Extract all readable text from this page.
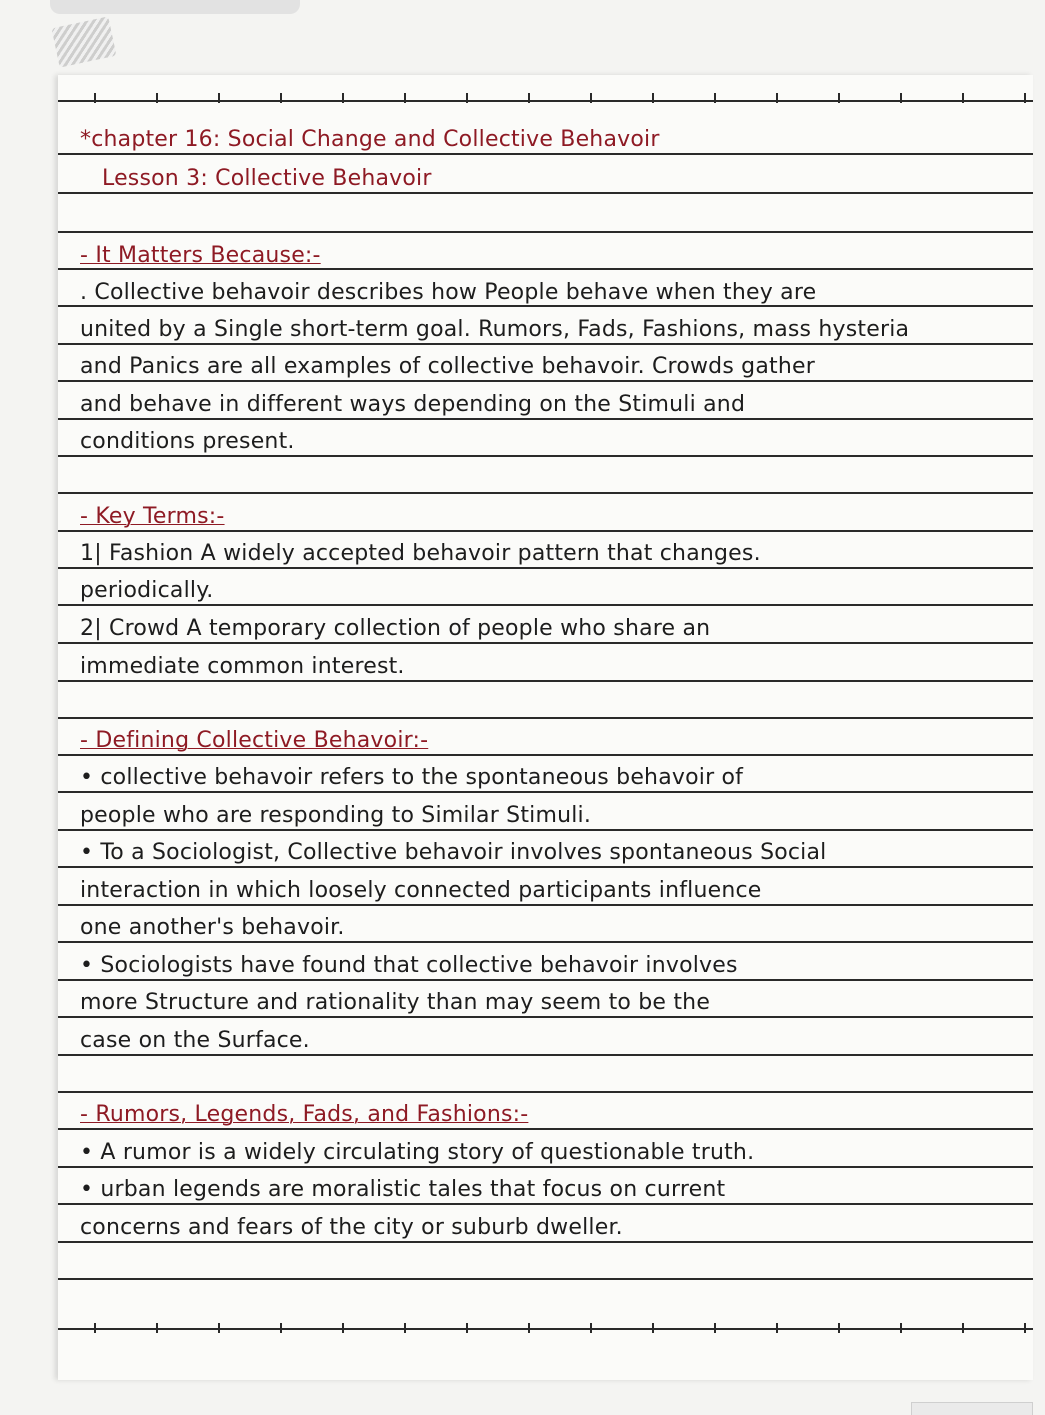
*chapter 16: Social Change and Collective Behavoir
Lesson 3: Collective Behavoir
- It Matters Because:-
. Collective behavoir describes how People behave when they are
united by a Single short-term goal. Rumors, Fads, Fashions, mass hysteria
and Panics are all examples of collective behavoir. Crowds gather
and behave in different ways depending on the Stimuli and
conditions present.
- Key Terms:-
1| Fashion A widely accepted behavoir pattern that changes.
periodically.
2| Crowd A temporary collection of people who share an
immediate common interest.
- Defining Collective Behavoir:-
• collective behavoir refers to the spontaneous behavoir of
people who are responding to Similar Stimuli.
• To a Sociologist, Collective behavoir involves spontaneous Social
interaction in which loosely connected participants influence
one another's behavoir.
• Sociologists have found that collective behavoir involves
more Structure and rationality than may seem to be the
case on the Surface.
- Rumors, Legends, Fads, and Fashions:-
• A rumor is a widely circulating story of questionable truth.
• urban legends are moralistic tales that focus on current
concerns and fears of the city or suburb dweller.
